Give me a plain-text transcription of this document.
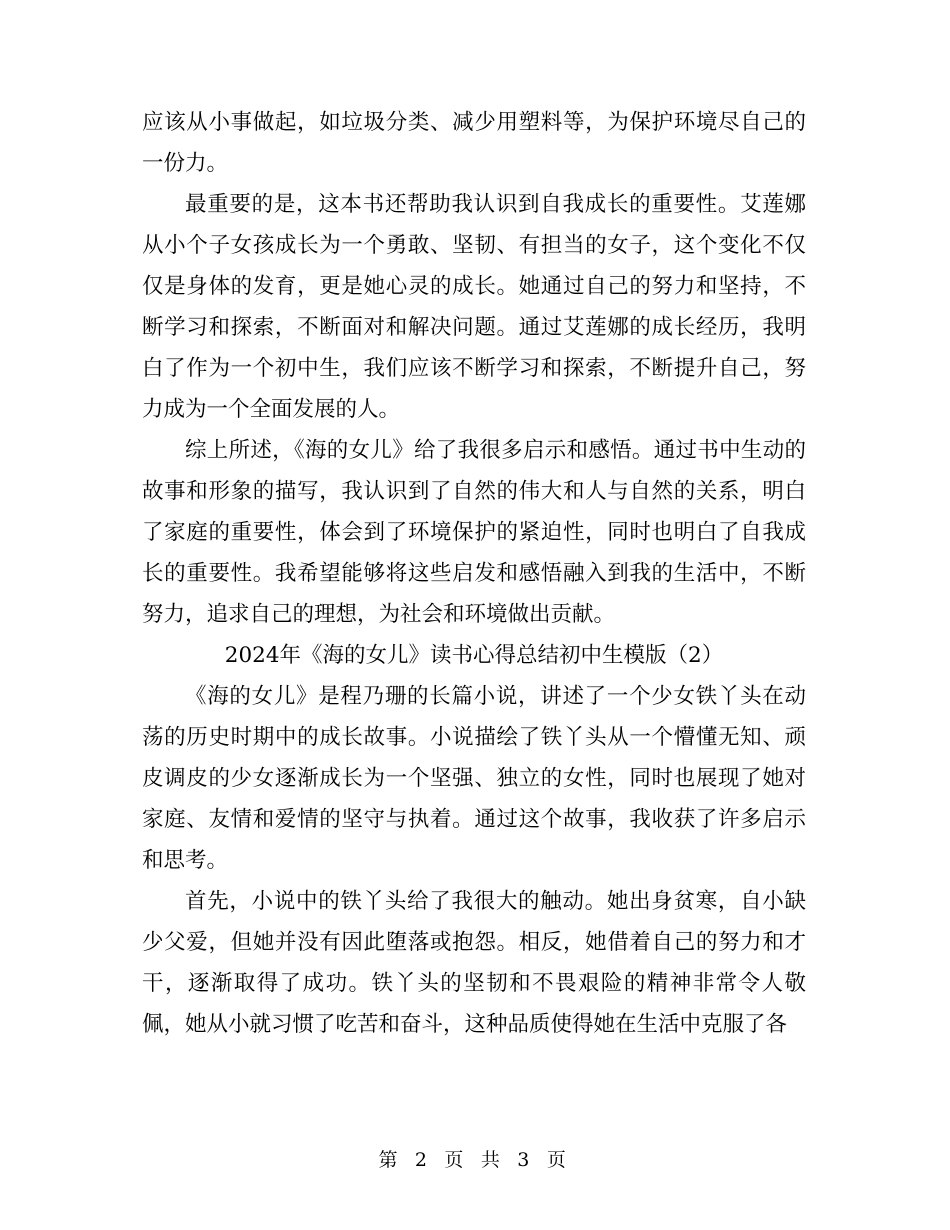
应该从小事做起，如垃圾分类、减少用塑料等，为保护环境尽自己的一份力。

最重要的是，这本书还帮助我认识到自我成长的重要性。艾莲娜从小个子女孩成长为一个勇敢、坚韧、有担当的女子，这个变化不仅仅是身体的发育，更是她心灵的成长。她通过自己的努力和坚持，不断学习和探索，不断面对和解决问题。通过艾莲娜的成长经历，我明白了作为一个初中生，我们应该不断学习和探索，不断提升自己，努力成为一个全面发展的人。

综上所述，《海的女儿》给了我很多启示和感悟。通过书中生动的故事和形象的描写，我认识到了自然的伟大和人与自然的关系，明白了家庭的重要性，体会到了环境保护的紧迫性，同时也明白了自我成长的重要性。我希望能够将这些启发和感悟融入到我的生活中，不断努力，追求自己的理想，为社会和环境做出贡献。

2024年《海的女儿》读书心得总结初中生模版（2）

《海的女儿》是程乃珊的长篇小说，讲述了一个少女铁丫头在动荡的历史时期中的成长故事。小说描绘了铁丫头从一个懵懂无知、顽皮调皮的少女逐渐成长为一个坚强、独立的女性，同时也展现了她对家庭、友情和爱情的坚守与执着。通过这个故事，我收获了许多启示和思考。

首先，小说中的铁丫头给了我很大的触动。她出身贫寒，自小缺少父爱，但她并没有因此堕落或抱怨。相反，她借着自己的努力和才干，逐渐取得了成功。铁丫头的坚韧和不畏艰险的精神非常令人敬佩，她从小就习惯了吃苦和奋斗，这种品质使得她在生活中克服了各

第 2 页 共 3 页
